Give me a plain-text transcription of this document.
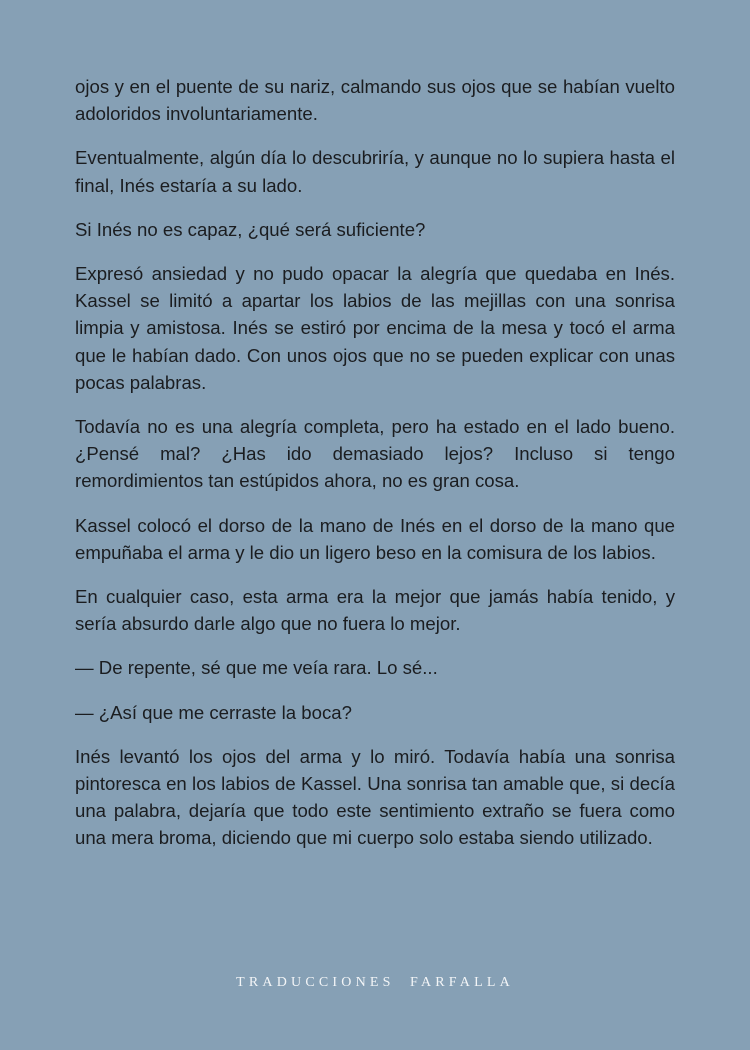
ojos y en el puente de su nariz, calmando sus ojos que se habían vuelto adoloridos involuntariamente.

Eventualmente, algún día lo descubriría, y aunque no lo supiera hasta el final, Inés estaría a su lado.

Si Inés no es capaz, ¿qué será suficiente?

Expresó ansiedad y no pudo opacar la alegría que quedaba en Inés. Kassel se limitó a apartar los labios de las mejillas con una sonrisa limpia y amistosa. Inés se estiró por encima de la mesa y tocó el arma que le habían dado. Con unos ojos que no se pueden explicar con unas pocas palabras.

Todavía no es una alegría completa, pero ha estado en el lado bueno. ¿Pensé mal? ¿Has ido demasiado lejos? Incluso si tengo remordimientos tan estúpidos ahora, no es gran cosa.

Kassel colocó el dorso de la mano de Inés en el dorso de la mano que empuñaba el arma y le dio un ligero beso en la comisura de los labios.

En cualquier caso, esta arma era la mejor que jamás había tenido, y sería absurdo darle algo que no fuera lo mejor.

— De repente, sé que me veía rara. Lo sé...

— ¿Así que me cerraste la boca?

Inés levantó los ojos del arma y lo miró. Todavía había una sonrisa pintoresca en los labios de Kassel. Una sonrisa tan amable que, si decía una palabra, dejaría que todo este sentimiento extraño se fuera como una mera broma, diciendo que mi cuerpo solo estaba siendo utilizado.

TRADUCCIONES  FARFALLA
